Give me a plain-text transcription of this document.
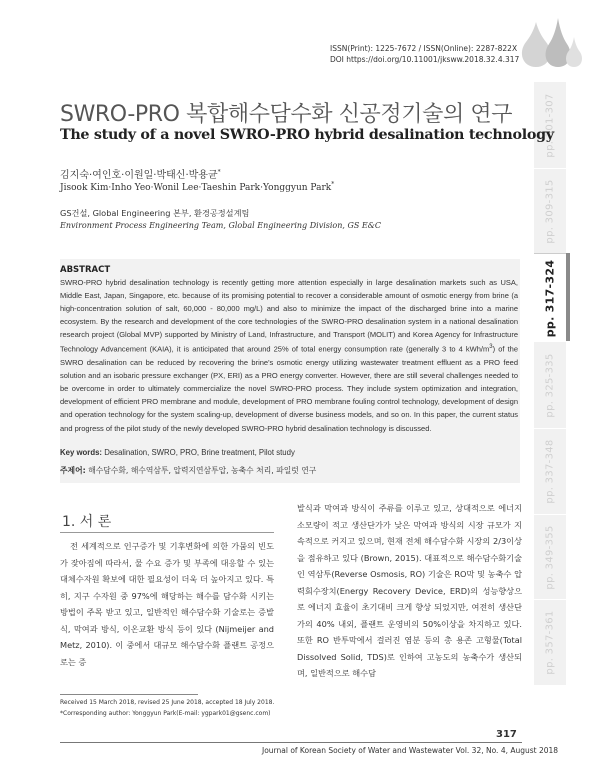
ISSN(Print): 1225-7672 / ISSN(Online): 2287-822X
DOI https://doi.org/10.11001/jksww.2018.32.4.317
pp. 301-307
pp. 309-315
pp. 317-324
pp. 325-335
pp. 337-348
pp. 349-355
pp. 357-361
SWRO-PRO 복합해수담수화 신공정기술의 연구
The study of a novel SWRO-PRO hybrid desalination technology
김지숙·여인호·이원일·박태신·박용균*
Jisook Kim·Inho Yeo·Wonil Lee·Taeshin Park·Yonggyun Park*
GS건설, Global Engineering 본부, 환경공정설계팀
Environment Process Engineering Team, Global Engineering Division, GS E&C
ABSTRACT

SWRO-PRO hybrid desalination technology is recently getting more attention especially in large desalination markets such as USA, Middle East, Japan, Singapore, etc. because of its promising potential to recover a considerable amount of osmotic energy from brine (a high-concentration solution of salt, 60,000 - 80,000 mg/L) and also to minimize the impact of the discharged brine into a marine ecosystem. By the research and development of the core technologies of the SWRO-PRO desalination system in a national desalination research project (Global MVP) supported by Ministry of Land, Infrastructure, and Transport (MOLIT) and Korea Agency for Infrastructure Technology Advancement (KAIA), it is anticipated that around 25% of total energy consumption rate (generally 3 to 4 kWh/$m^3$) of the SWRO desalination can be reduced by recovering the brine's osmotic energy utilizing wastewater treatment effluent as a PRO feed solution and an isobaric pressure exchanger (PX, ERI) as a PRO energy converter. However, there are still several challenges needed to be overcome in order to ultimately commercialize the novel SWRO-PRO process. They include system optimization and integration, development of efficient PRO membrane and module, development of PRO membrane fouling control technology, development of design and operation technology for the system scaling-up, development of diverse business models, and so on. In this paper, the current status and progress of the pilot study of the newly developed SWRO-PRO hybrid desalination technology is discussed.

Key words: Desalination, SWRO, PRO, Brine treatment, Pilot study
주제어: 해수담수화, 해수역삼투, 압력지연삼투압, 농축수 처리, 파일럿 연구
1. 서 론

전 세계적으로 인구증가 및 기후변화에 의한 가뭄의 빈도가 잦아짐에 따라서, 물 수요 증가 및 부족에 대응할 수 있는 대체수자원 확보에 대한 필요성이 더욱 더 높아지고 있다. 특히, 지구 수자원 중 97%에 해당하는 해수를 담수화 시키는 방법이 주목 받고 있고, 일반적인 해수담수화 기술로는 증발식, 막여과 방식, 이온교환 방식 등이 있다 (Nijmeijer and Metz, 2010). 이 중에서 대규모 해수담수화 플랜트 공정으로는 증

발식과 막여과 방식이 주류를 이루고 있고, 상대적으로 에너지 소모량이 적고 생산단가가 낮은 막여과 방식의 시장 규모가 지속적으로 커지고 있으며, 현재 전체 해수담수화 시장의 2/3이상을 점유하고 있다 (Brown, 2015). 대표적으로 해수담수화기술인 역삼투(Reverse Osmosis, RO) 기술은 RO막 및 농축수 압력회수장치(Energy Recovery Device, ERD)의 성능향상으로 에너지 효율이 초기대비 크게 향상 되었지만, 여전히 생산단가의 40% 내외, 플랜트 운영비의 50%이상을 차지하고 있다. 또한 RO 반투막에서 걸러진 염분 등의 총 용존 고형물(Total Dissolved Solid, TDS)로 인하여 고농도의 농축수가 생산되며, 일반적으로 해수담

Received 15 March 2018, revised 25 June 2018, accepted 18 July 2018.
*Corresponding author: Yonggyun Park(E-mail: ygpark01@gsenc.com)
317
Journal of Korean Society of Water and Wastewater Vol. 32, No. 4, August 2018
